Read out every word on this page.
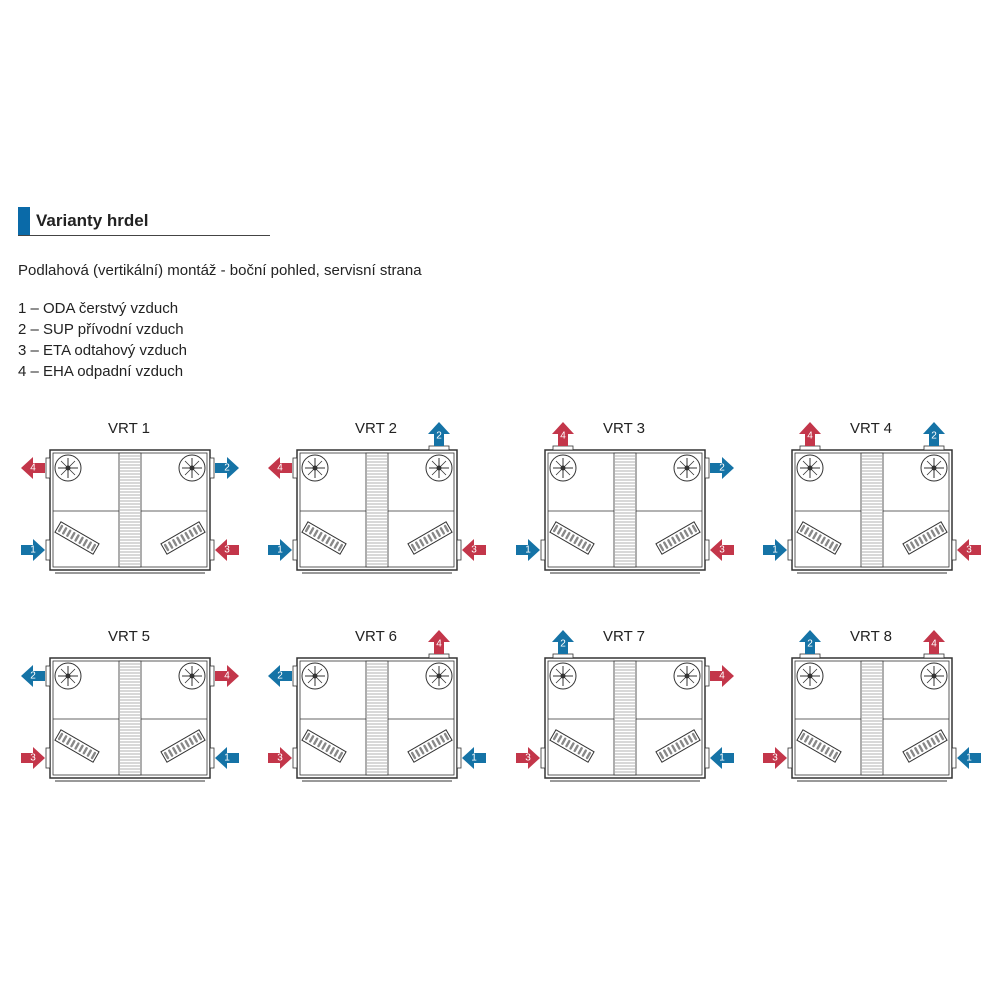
Varianty hrdel
Podlahová (vertikální) montáž - boční pohled, servisní strana
1 – ODA čerstvý vzduch
2 – SUP přívodní vzduch
3 – ETA odtahový vzduch
4 – EHA odpadní vzduch
VRT 1
4
1
2
3
VRT 2
4
1	3
2	VRT 3
1
2
3
4	VRT 4
1	3
4	2
VRT 5
2
3
4
1
VRT 6
2
3	1
4	VRT 7
3
4
1
2	VRT 8
3	1
2	4
